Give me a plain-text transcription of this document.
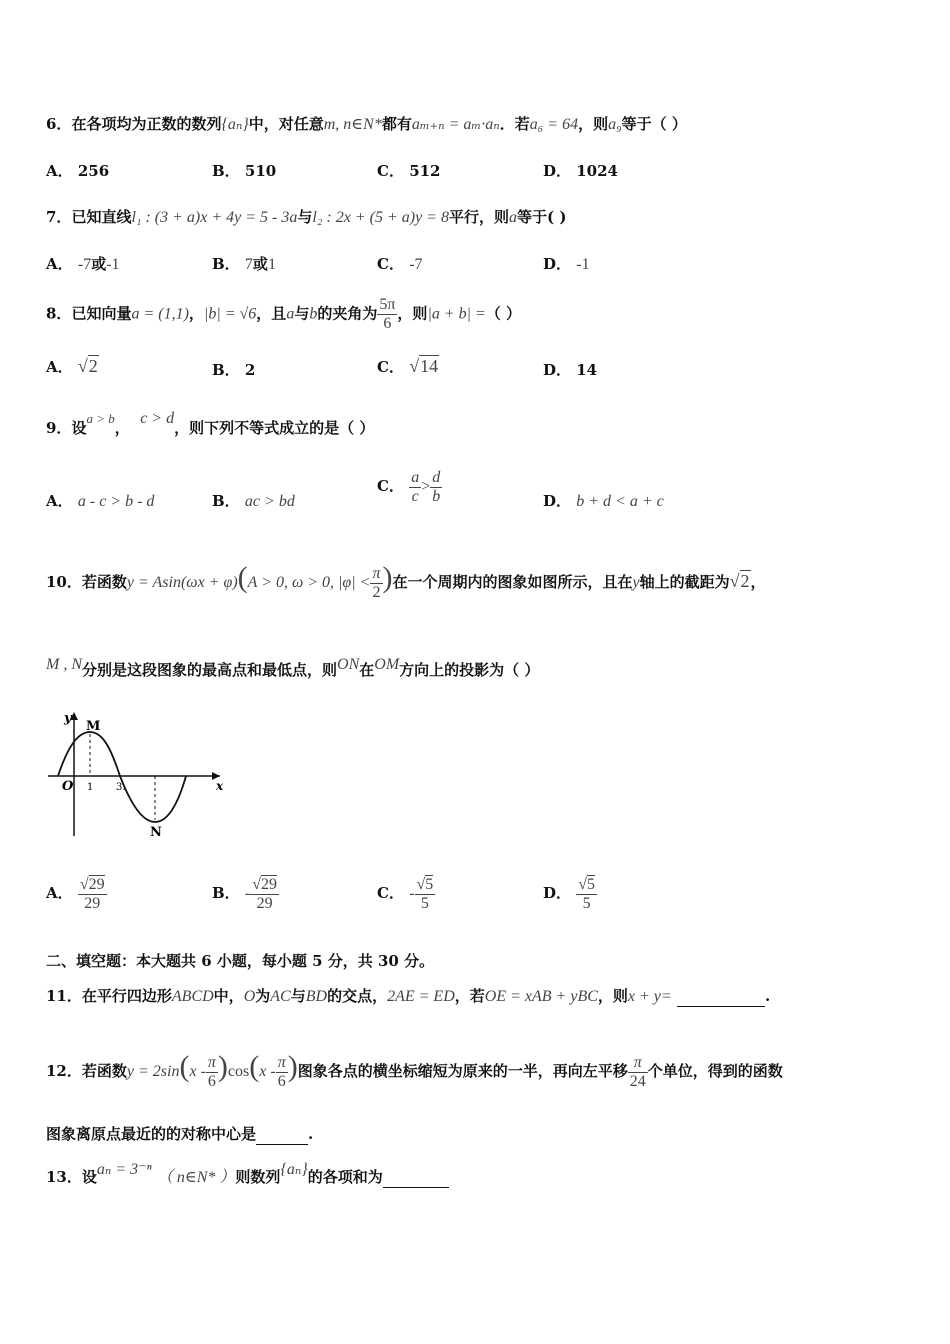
6．在各项均为正数的数列{aₙ}中，对任意m, n∈N*都有aₘ₊ₙ = aₘ·aₙ．若a₆ = 64，则a₉等于（ ）
A． 256	B． 510	C． 512	D． 1024
7．已知直线l₁ : (3 + a)x + 4y = 5 - 3a与l₂ : 2x + (5 + a)y = 8平行，则a等于( )
A． -7或-1	B． 7或1	C． -7	D． -1
8．已知向量a = (1,1)，|b| = √6，且a与b的夹角为 $\frac{5\pi}{6}$ ，则|a + b| =（ ）
A． √2	B． 2	C． √14	D． 14
9．设a > b，  c > d，则下列不等式成立的是（ ）
A． a - c > b - d	B． ac > bd
C． $\frac{a}{c} > \frac{d}{b}$	D． b + d < a + c
10．若函数y = Asin(ωx + φ)(A > 0, ω > 0, $|\varphi| < \frac{\pi}{2}$ )在一个周期内的图象如图所示，且在y轴上的截距为√2，
M , N分别是这段图象的最高点和最低点，则ON在OM方向上的投影为（ ）
y
x
O
M
N
1 3.
A． $\frac{√29}{29}$	B． - $\frac{√29}{29}$	C． - $\frac{√5}{5}$	D． $\frac{√5}{5}$
二、填空题：本大题共 6 小题，每小题 5 分，共 30 分。
11．在平行四边形ABCD中，O为AC与BD的交点，2AE = ED，若OE = xAB + yBC，则x + y=	.
12．若函数$y = 2\sin(x - \frac{\pi}{6} )\cos(x - \frac{\pi}{6}$ )图象各点的横坐标缩短为原来的一半，再向左平移 $\frac{\pi}{24}$ 个单位，得到的函数
图象离原点最近的的对称中心是	.
13．设aₙ = 3⁻ⁿ （ n∈N* ）则数列{aₙ}的各项和为
